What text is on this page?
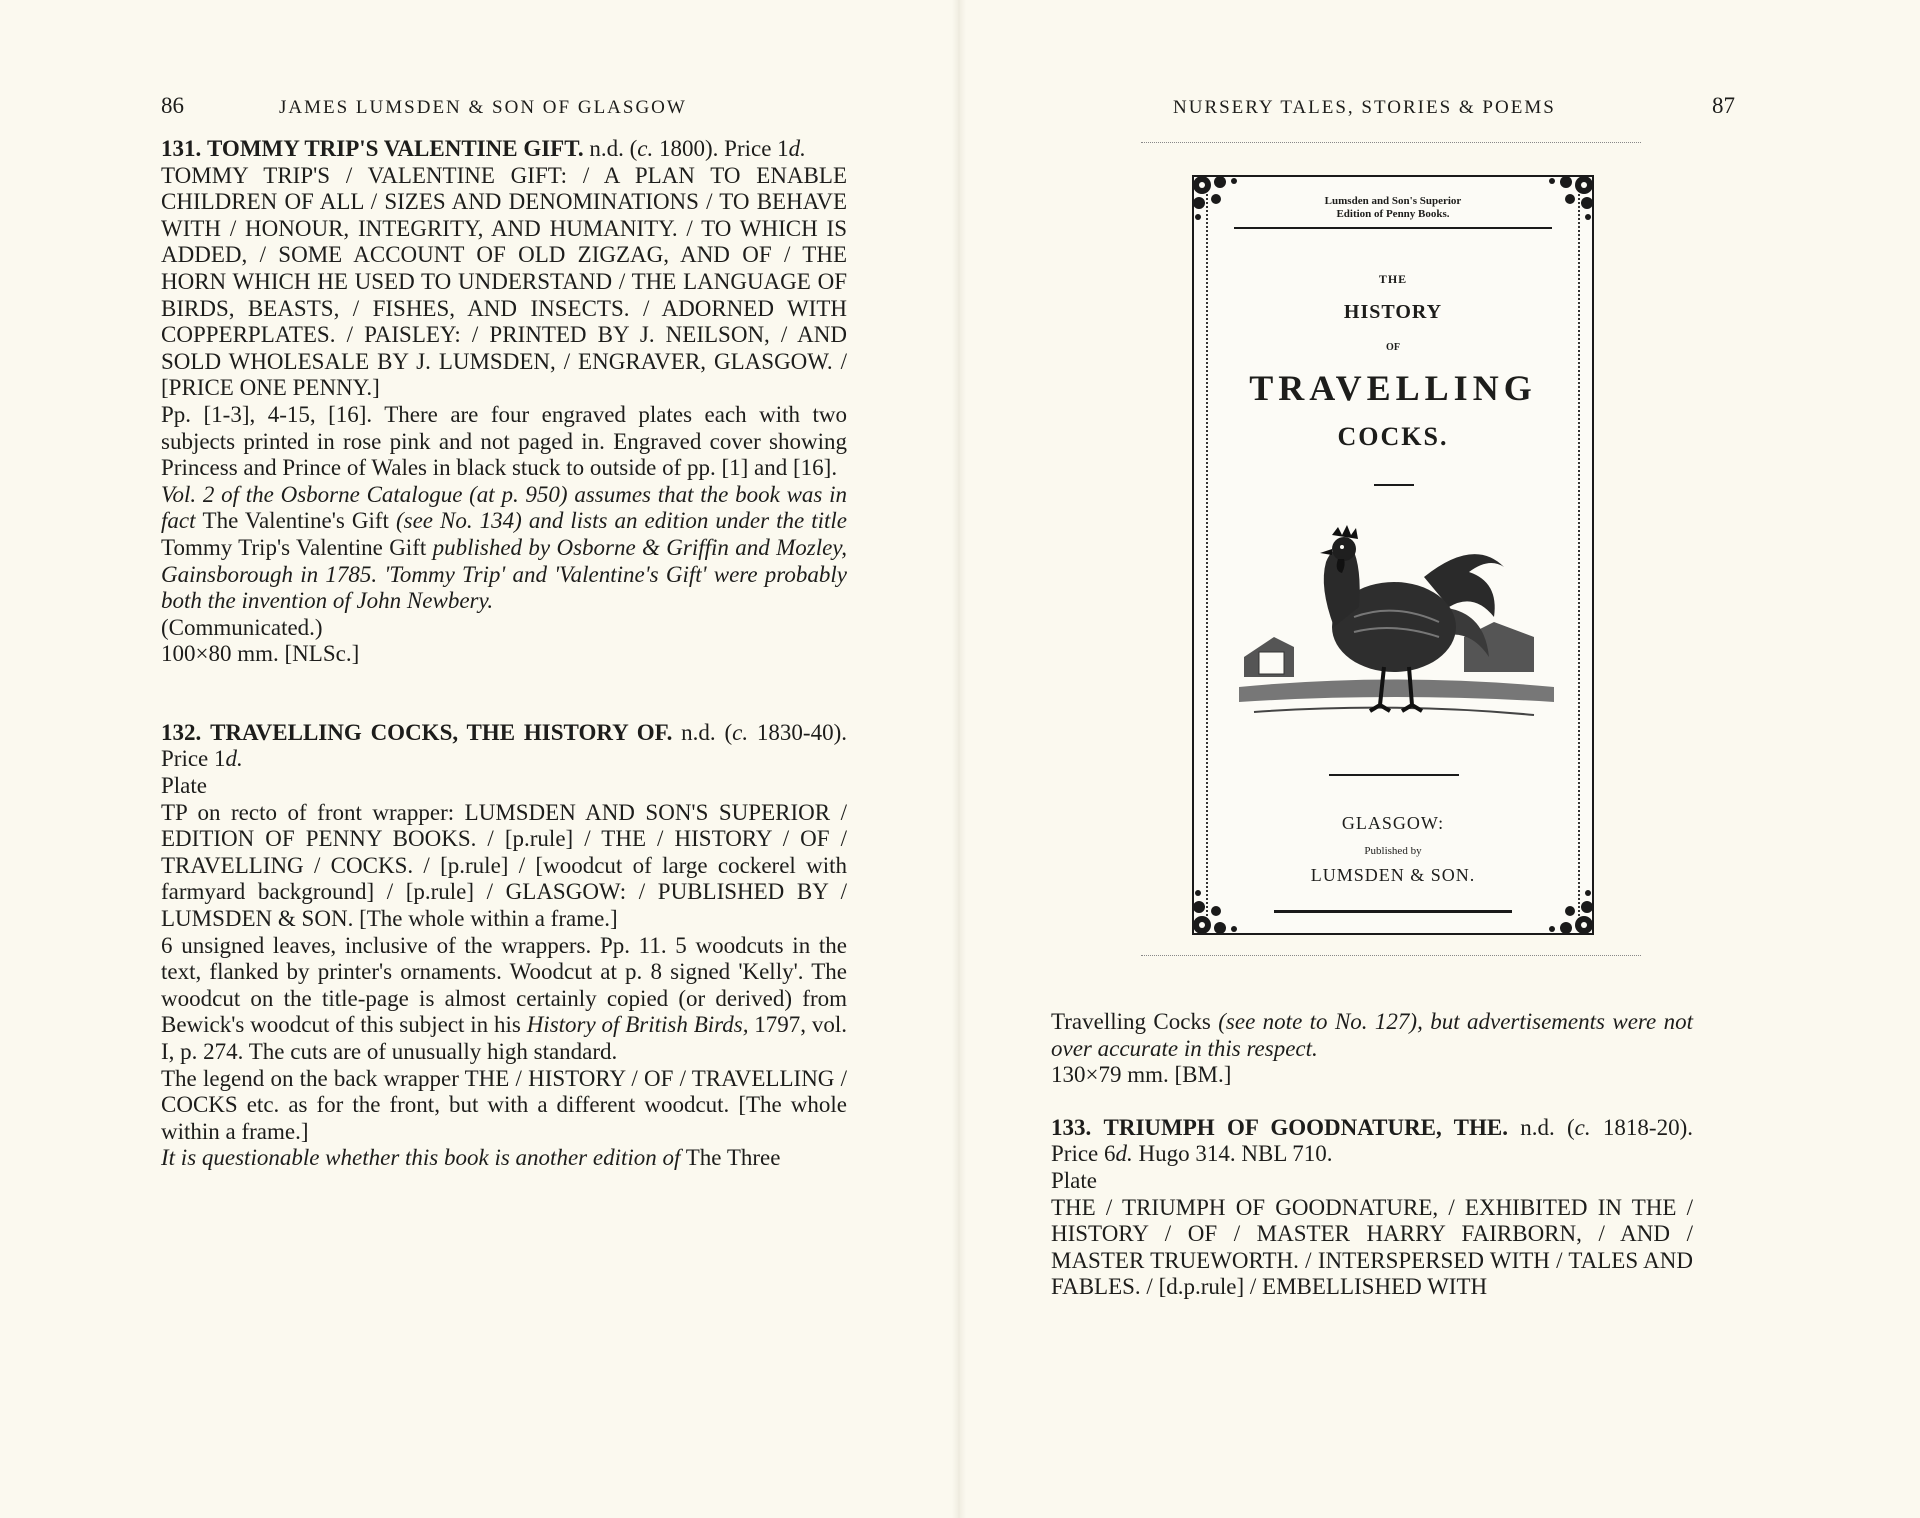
86	JAMES LUMSDEN & SON OF GLASGOW

131. TOMMY TRIP'S VALENTINE GIFT. n.d. (c. 1800). Price 1d.

TOMMY TRIP'S / VALENTINE GIFT: / A PLAN TO ENABLE CHILDREN OF ALL / SIZES AND DENOMINATIONS / TO BEHAVE WITH / HONOUR, INTEGRITY, AND HUMANITY. / TO WHICH IS ADDED, / SOME ACCOUNT OF OLD ZIGZAG, AND OF / THE HORN WHICH HE USED TO UNDERSTAND / THE LANGUAGE OF BIRDS, BEASTS, / FISHES, AND INSECTS. / ADORNED WITH COPPERPLATES. / PAISLEY: / PRINTED BY J. NEILSON, / AND SOLD WHOLESALE BY J. LUMSDEN, / ENGRAVER, GLASGOW. / [PRICE ONE PENNY.]

Pp. [1-3], 4-15, [16]. There are four engraved plates each with two subjects printed in rose pink and not paged in. Engraved cover showing Princess and Prince of Wales in black stuck to outside of pp. [1] and [16].

Vol. 2 of the Osborne Catalogue (at p. 950) assumes that the book was in fact The Valentine's Gift (see No. 134) and lists an edition under the title Tommy Trip's Valentine Gift published by Osborne & Griffin and Mozley, Gainsborough in 1785. 'Tommy Trip' and 'Valentine's Gift' were probably both the invention of John Newbery.

(Communicated.)

100×80 mm. [NLSc.]

132. TRAVELLING COCKS, THE HISTORY OF. n.d. (c. 1830-40). Price 1d.

Plate

TP on recto of front wrapper: LUMSDEN AND SON'S SUPERIOR / EDITION OF PENNY BOOKS. / [p.rule] / THE / HISTORY / OF / TRAVELLING / COCKS. / [p.rule] / [woodcut of large cockerel with farmyard background] / [p.rule] / GLASGOW: / PUBLISHED BY / LUMSDEN & SON. [The whole within a frame.]

6 unsigned leaves, inclusive of the wrappers. Pp. 11. 5 woodcuts in the text, flanked by printer's ornaments. Woodcut at p. 8 signed 'Kelly'. The woodcut on the title-page is almost certainly copied (or derived) from Bewick's woodcut of this subject in his History of British Birds, 1797, vol. I, p. 274. The cuts are of unusually high standard.

The legend on the back wrapper THE / HISTORY / OF / TRAVELLING / COCKS etc. as for the front, but with a different woodcut. [The whole within a frame.]

It is questionable whether this book is another edition of The Three

NURSERY TALES, STORIES & POEMS	87
Lumsden and Son's Superior
Edition of Penny Books.
THE
HISTORY
OF
TRAVELLING
COCKS.
GLASGOW:
Published by
LUMSDEN & SON.

Travelling Cocks (see note to No. 127), but advertisements were not over accurate in this respect.

130×79 mm. [BM.]

133. TRIUMPH OF GOODNATURE, THE. n.d. (c. 1818-20). Price 6d. Hugo 314. NBL 710.

Plate

THE / TRIUMPH OF GOODNATURE, / EXHIBITED IN THE / HISTORY / OF / MASTER HARRY FAIRBORN, / AND / MASTER TRUEWORTH. / INTERSPERSED WITH / TALES AND FABLES. / [d.p.rule] / EMBELLISHED WITH
